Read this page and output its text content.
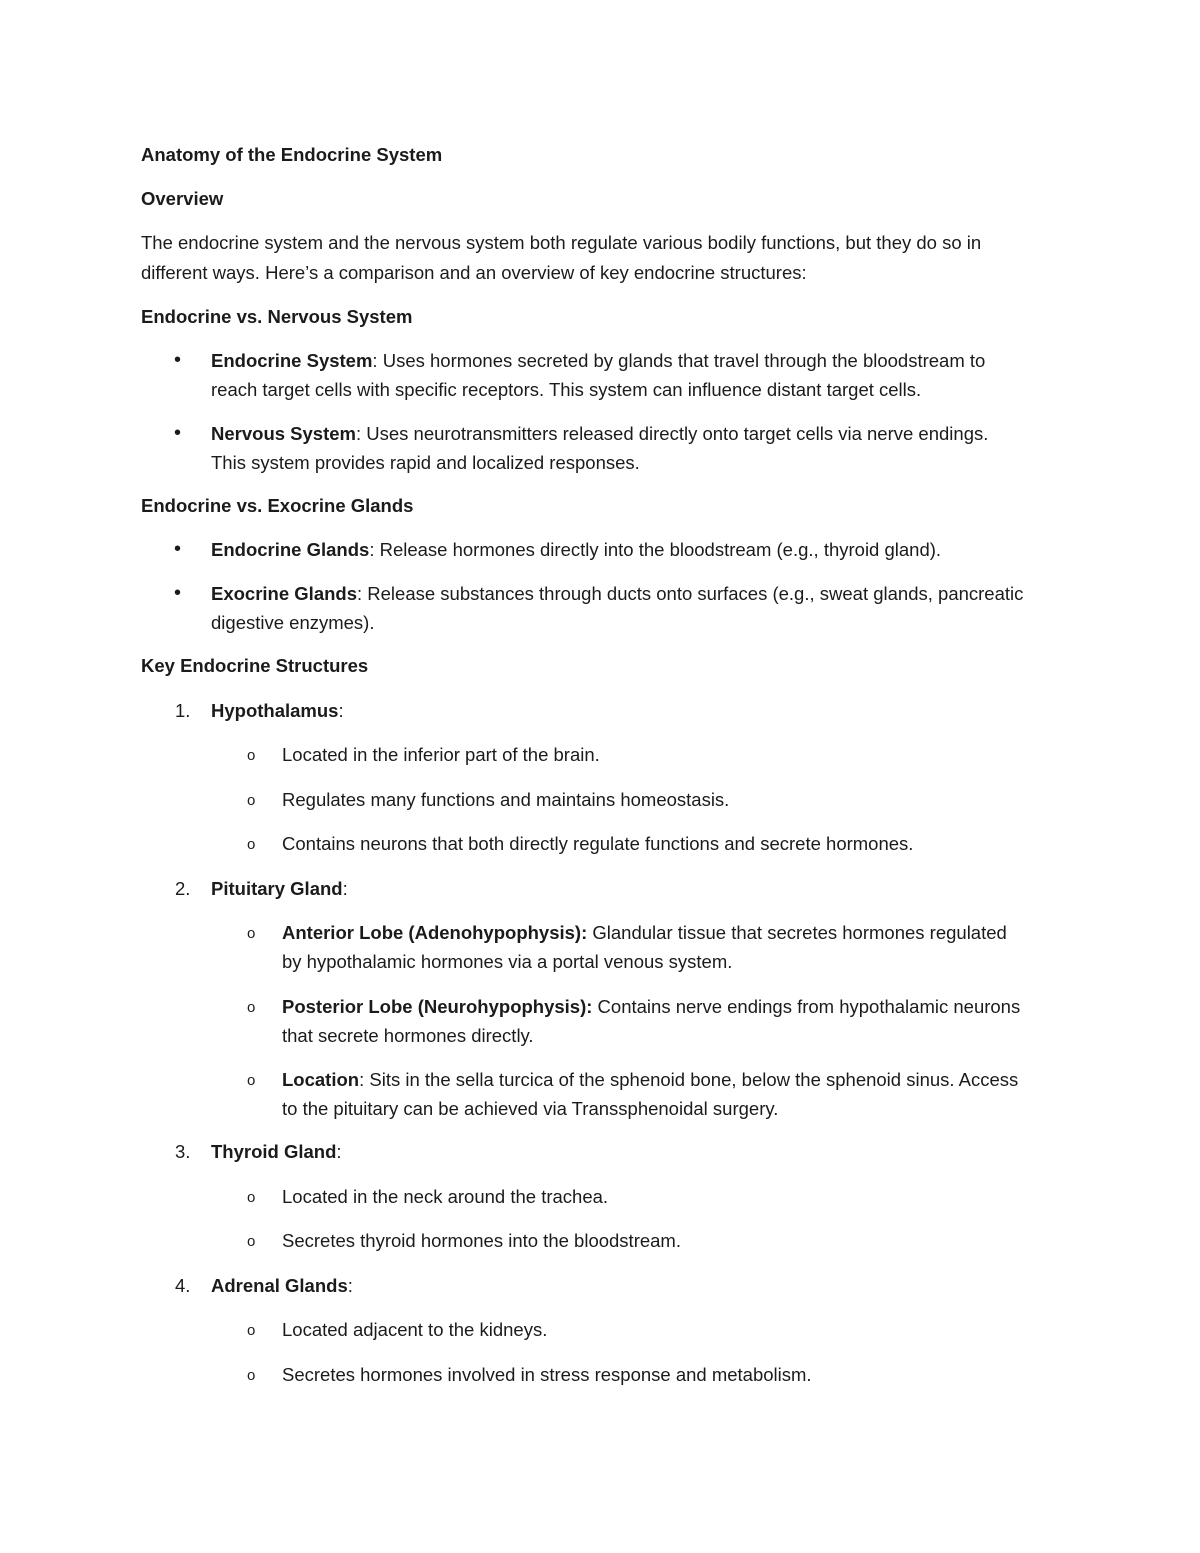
Anatomy of the Endocrine System
Overview
The endocrine system and the nervous system both regulate various bodily functions, but they do so in
different ways. Here’s a comparison and an overview of key endocrine structures:
Endocrine vs. Nervous System
• Endocrine System: Uses hormones secreted by glands that travel through the bloodstream to
reach target cells with specific receptors. This system can influence distant target cells.
• Nervous System: Uses neurotransmitters released directly onto target cells via nerve endings.
This system provides rapid and localized responses.
Endocrine vs. Exocrine Glands
• Endocrine Glands: Release hormones directly into the bloodstream (e.g., thyroid gland).
• Exocrine Glands: Release substances through ducts onto surfaces (e.g., sweat glands, pancreatic
digestive enzymes).
Key Endocrine Structures
1. Hypothalamus:
o Located in the inferior part of the brain.
o Regulates many functions and maintains homeostasis.
o Contains neurons that both directly regulate functions and secrete hormones.
2. Pituitary Gland:
o Anterior Lobe (Adenohypophysis): Glandular tissue that secretes hormones regulated
by hypothalamic hormones via a portal venous system.
o Posterior Lobe (Neurohypophysis): Contains nerve endings from hypothalamic neurons
that secrete hormones directly.
o Location: Sits in the sella turcica of the sphenoid bone, below the sphenoid sinus. Access
to the pituitary can be achieved via Transsphenoidal surgery.
3. Thyroid Gland:
o Located in the neck around the trachea.
o Secretes thyroid hormones into the bloodstream.
4. Adrenal Glands:
o Located adjacent to the kidneys.
o Secretes hormones involved in stress response and metabolism.
